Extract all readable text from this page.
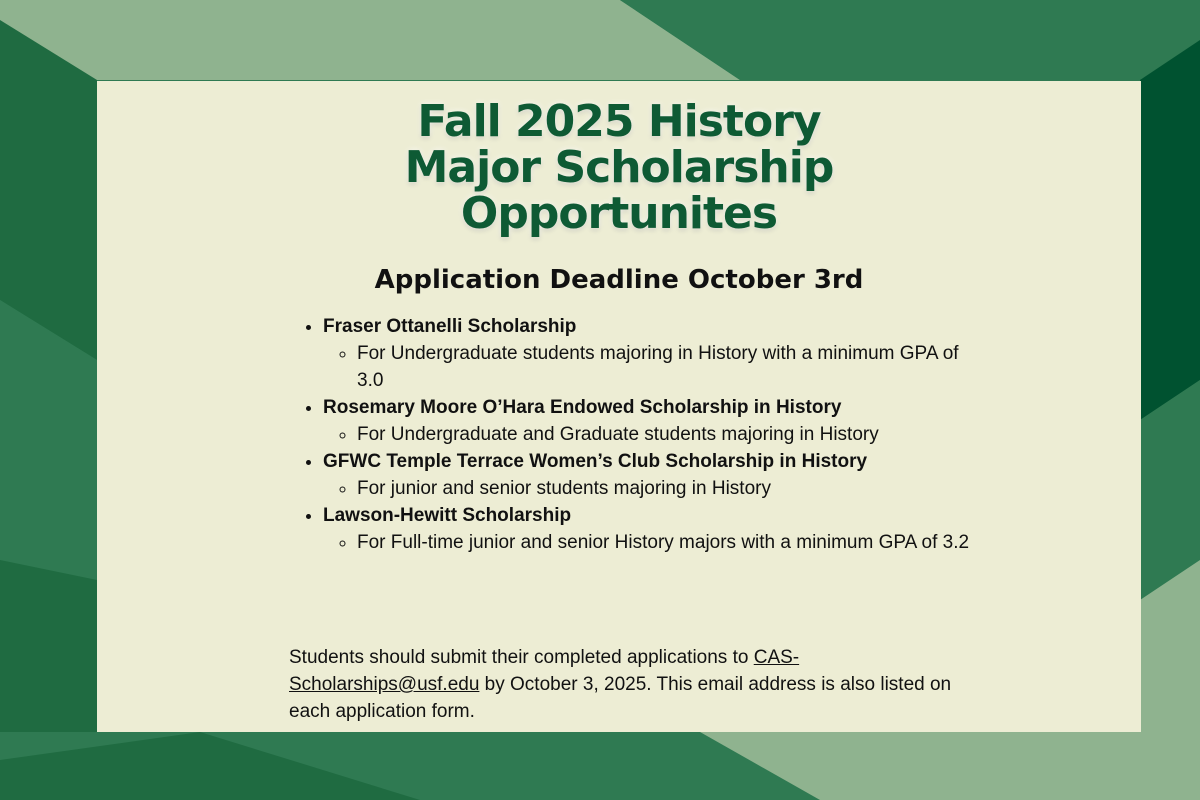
Fall 2025 History
Major Scholarship
Opportunites
Application Deadline October 3rd
• Fraser Ottanelli Scholarship
◦ For Undergraduate students majoring in History with a minimum GPA of 3.0
• Rosemary Moore O’Hara Endowed Scholarship in History
◦ For Undergraduate and Graduate students majoring in History
• GFWC Temple Terrace Women’s Club Scholarship in History
◦ For junior and senior students majoring in History
• Lawson-Hewitt Scholarship
◦ For Full-time junior and senior History majors with a minimum GPA of 3.2

Students should submit their completed applications to CAS-Scholarships@usf.edu by October 3, 2025. This email address is also listed on each application form.
